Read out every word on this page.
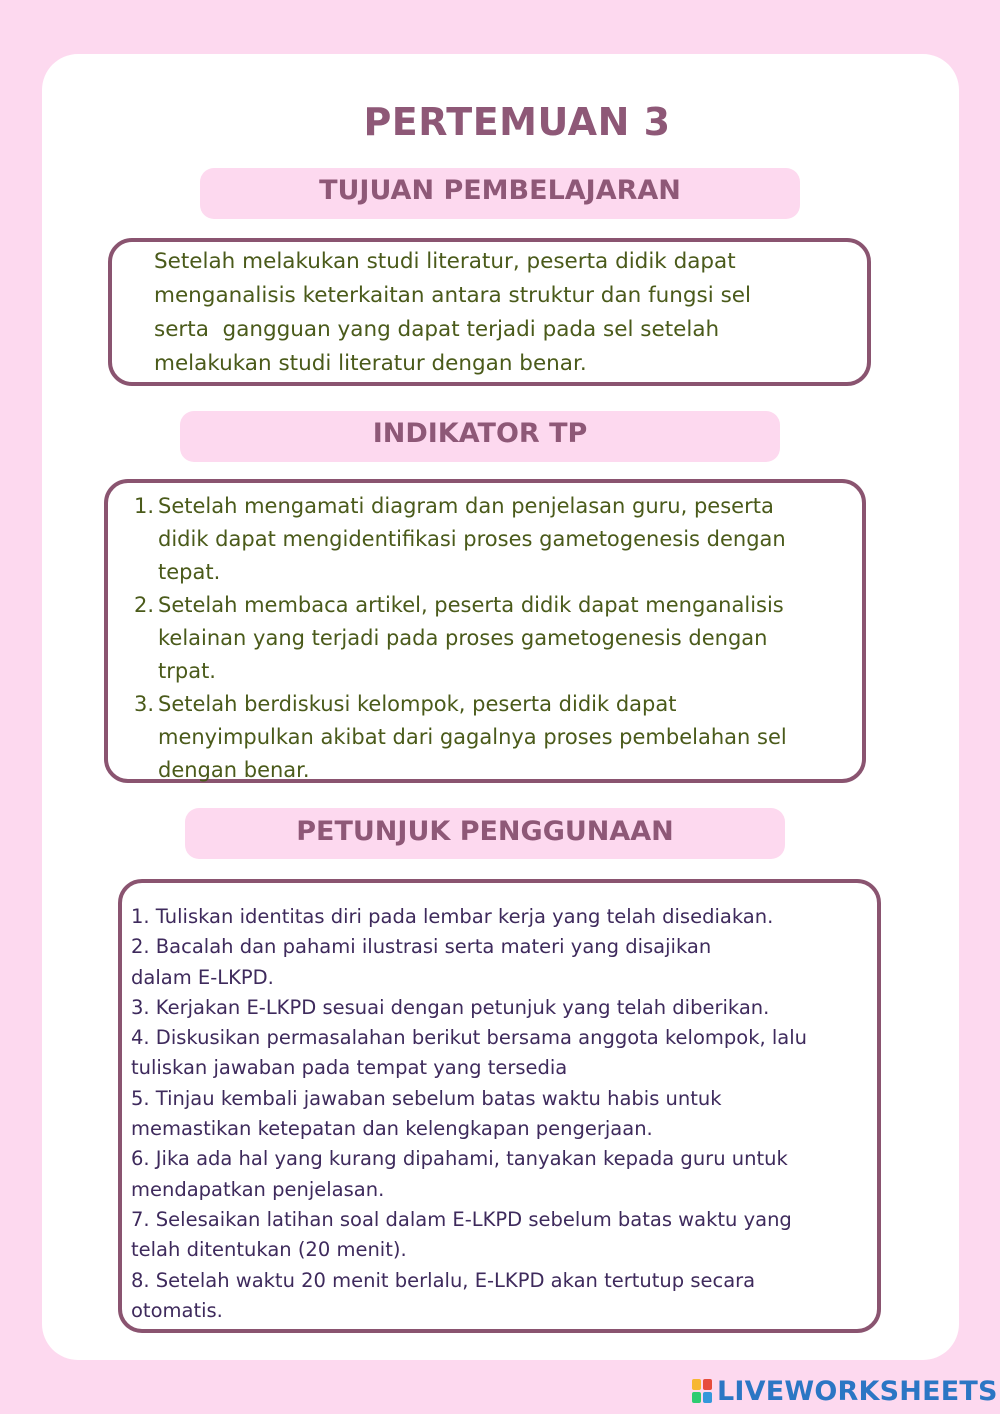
PERTEMUAN 3
TUJUAN PEMBELAJARAN
Setelah melakukan studi literatur, peserta didik dapat
menganalisis keterkaitan antara struktur dan fungsi sel
serta  gangguan yang dapat terjadi pada sel setelah
melakukan studi literatur dengan benar.
INDIKATOR TP
1. Setelah mengamati diagram dan penjelasan guru, peserta
didik dapat mengidentifikasi proses gametogenesis dengan
tepat.
2. Setelah membaca artikel, peserta didik dapat menganalisis
kelainan yang terjadi pada proses gametogenesis dengan
trpat.
3. Setelah berdiskusi kelompok, peserta didik dapat
menyimpulkan akibat dari gagalnya proses pembelahan sel
dengan benar.
PETUNJUK PENGGUNAAN
1. Tuliskan identitas diri pada lembar kerja yang telah disediakan.
2. Bacalah dan pahami ilustrasi serta materi yang disajikan
dalam E-LKPD.
3. Kerjakan E-LKPD sesuai dengan petunjuk yang telah diberikan.
4. Diskusikan permasalahan berikut bersama anggota kelompok, lalu
tuliskan jawaban pada tempat yang tersedia
5. Tinjau kembali jawaban sebelum batas waktu habis untuk
memastikan ketepatan dan kelengkapan pengerjaan.
6. Jika ada hal yang kurang dipahami, tanyakan kepada guru untuk
mendapatkan penjelasan.
7. Selesaikan latihan soal dalam E-LKPD sebelum batas waktu yang
telah ditentukan (20 menit).
8. Setelah waktu 20 menit berlalu, E-LKPD akan tertutup secara
otomatis.
LIVEWORKSHEETS
